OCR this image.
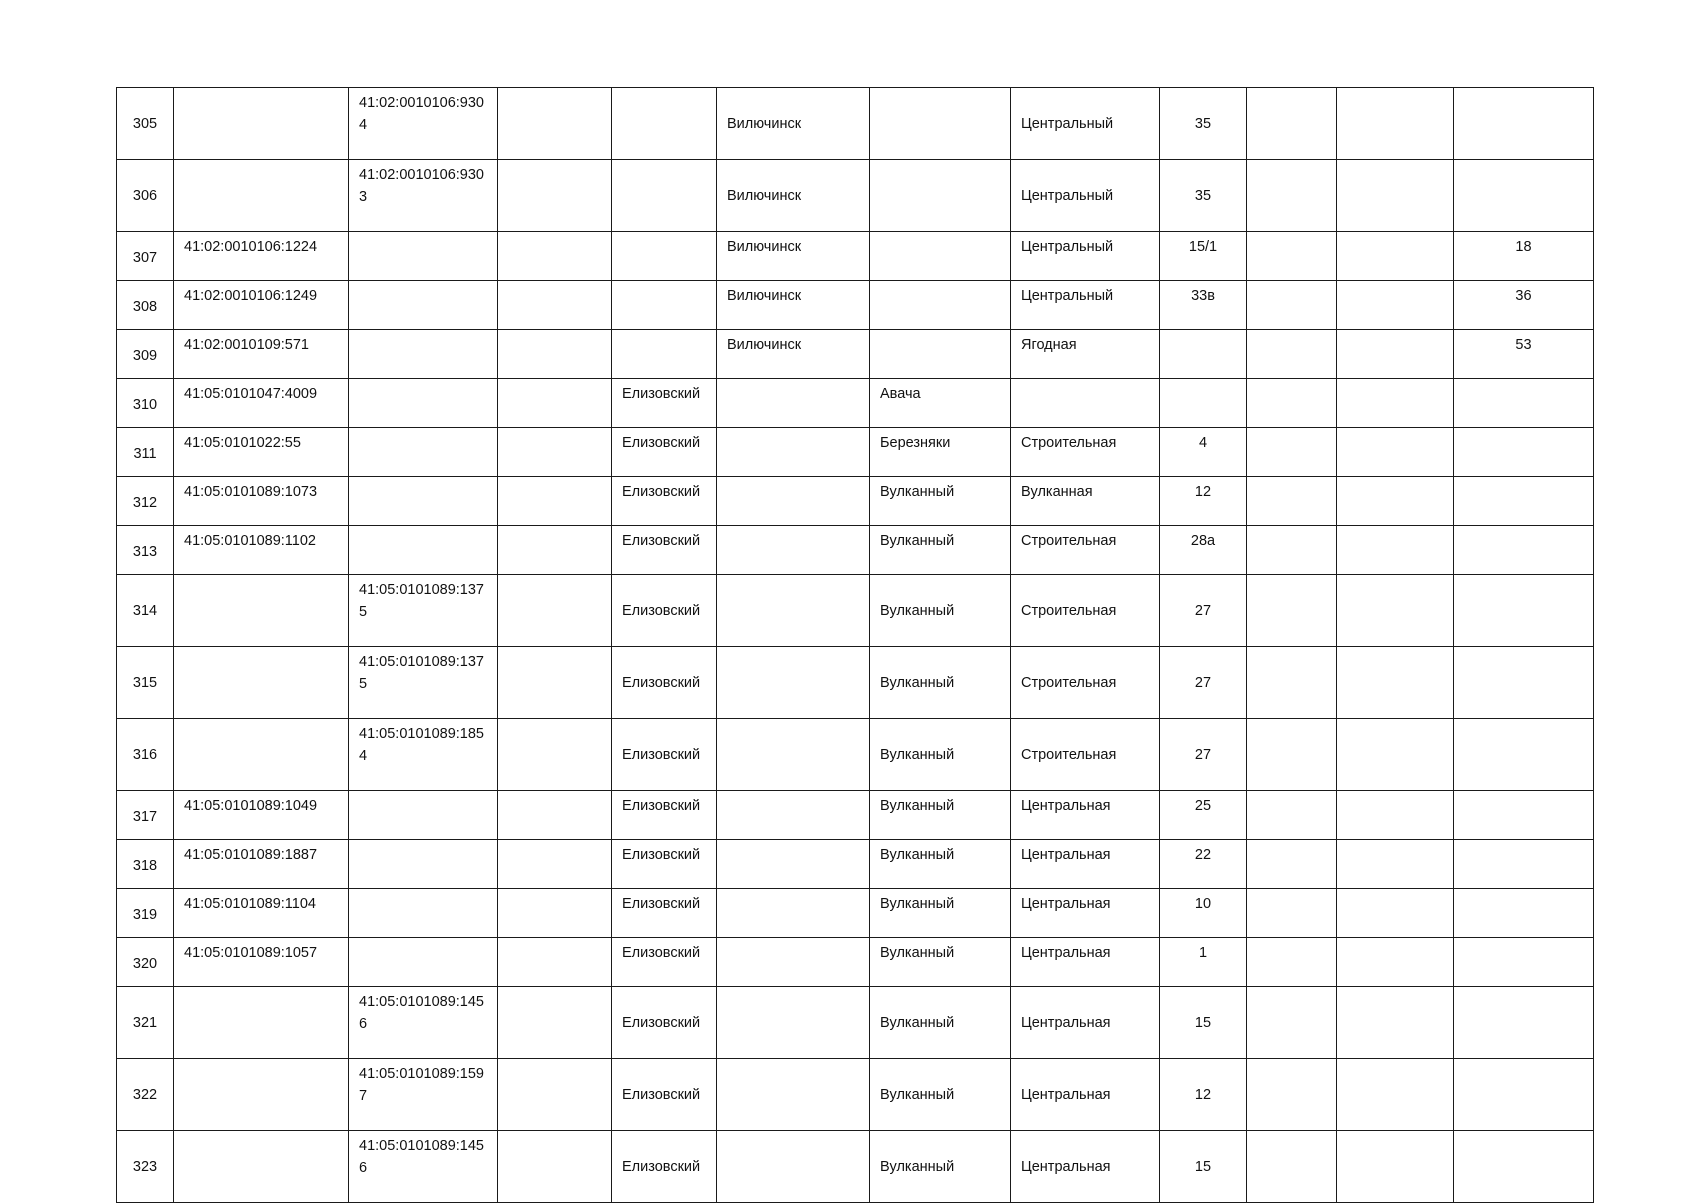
305		41:02:0010106:9304			Вилючинск		Центральный	35			
306		41:02:0010106:9303			Вилючинск		Центральный	35			
307	41:02:0010106:1224				Вилючинск		Центральный	15/1			18
308	41:02:0010106:1249				Вилючинск		Центральный	33в			36
309	41:02:0010109:571				Вилючинск		Ягодная				53
310	41:05:0101047:4009			Елизовский		Авача					
311	41:05:0101022:55			Елизовский		Березняки	Строительная	4			
312	41:05:0101089:1073			Елизовский		Вулканный	Вулканная	12			
313	41:05:0101089:1102			Елизовский		Вулканный	Строительная	28а			
314		41:05:0101089:1375		Елизовский		Вулканный	Строительная	27			
315		41:05:0101089:1375		Елизовский		Вулканный	Строительная	27			
316		41:05:0101089:1854		Елизовский		Вулканный	Строительная	27			
317	41:05:0101089:1049			Елизовский		Вулканный	Центральная	25			
318	41:05:0101089:1887			Елизовский		Вулканный	Центральная	22			
319	41:05:0101089:1104			Елизовский		Вулканный	Центральная	10			
320	41:05:0101089:1057			Елизовский		Вулканный	Центральная	1			
321		41:05:0101089:1456		Елизовский		Вулканный	Центральная	15			
322		41:05:0101089:1597		Елизовский		Вулканный	Центральная	12			
323		41:05:0101089:1456		Елизовский		Вулканный	Центральная	15			
